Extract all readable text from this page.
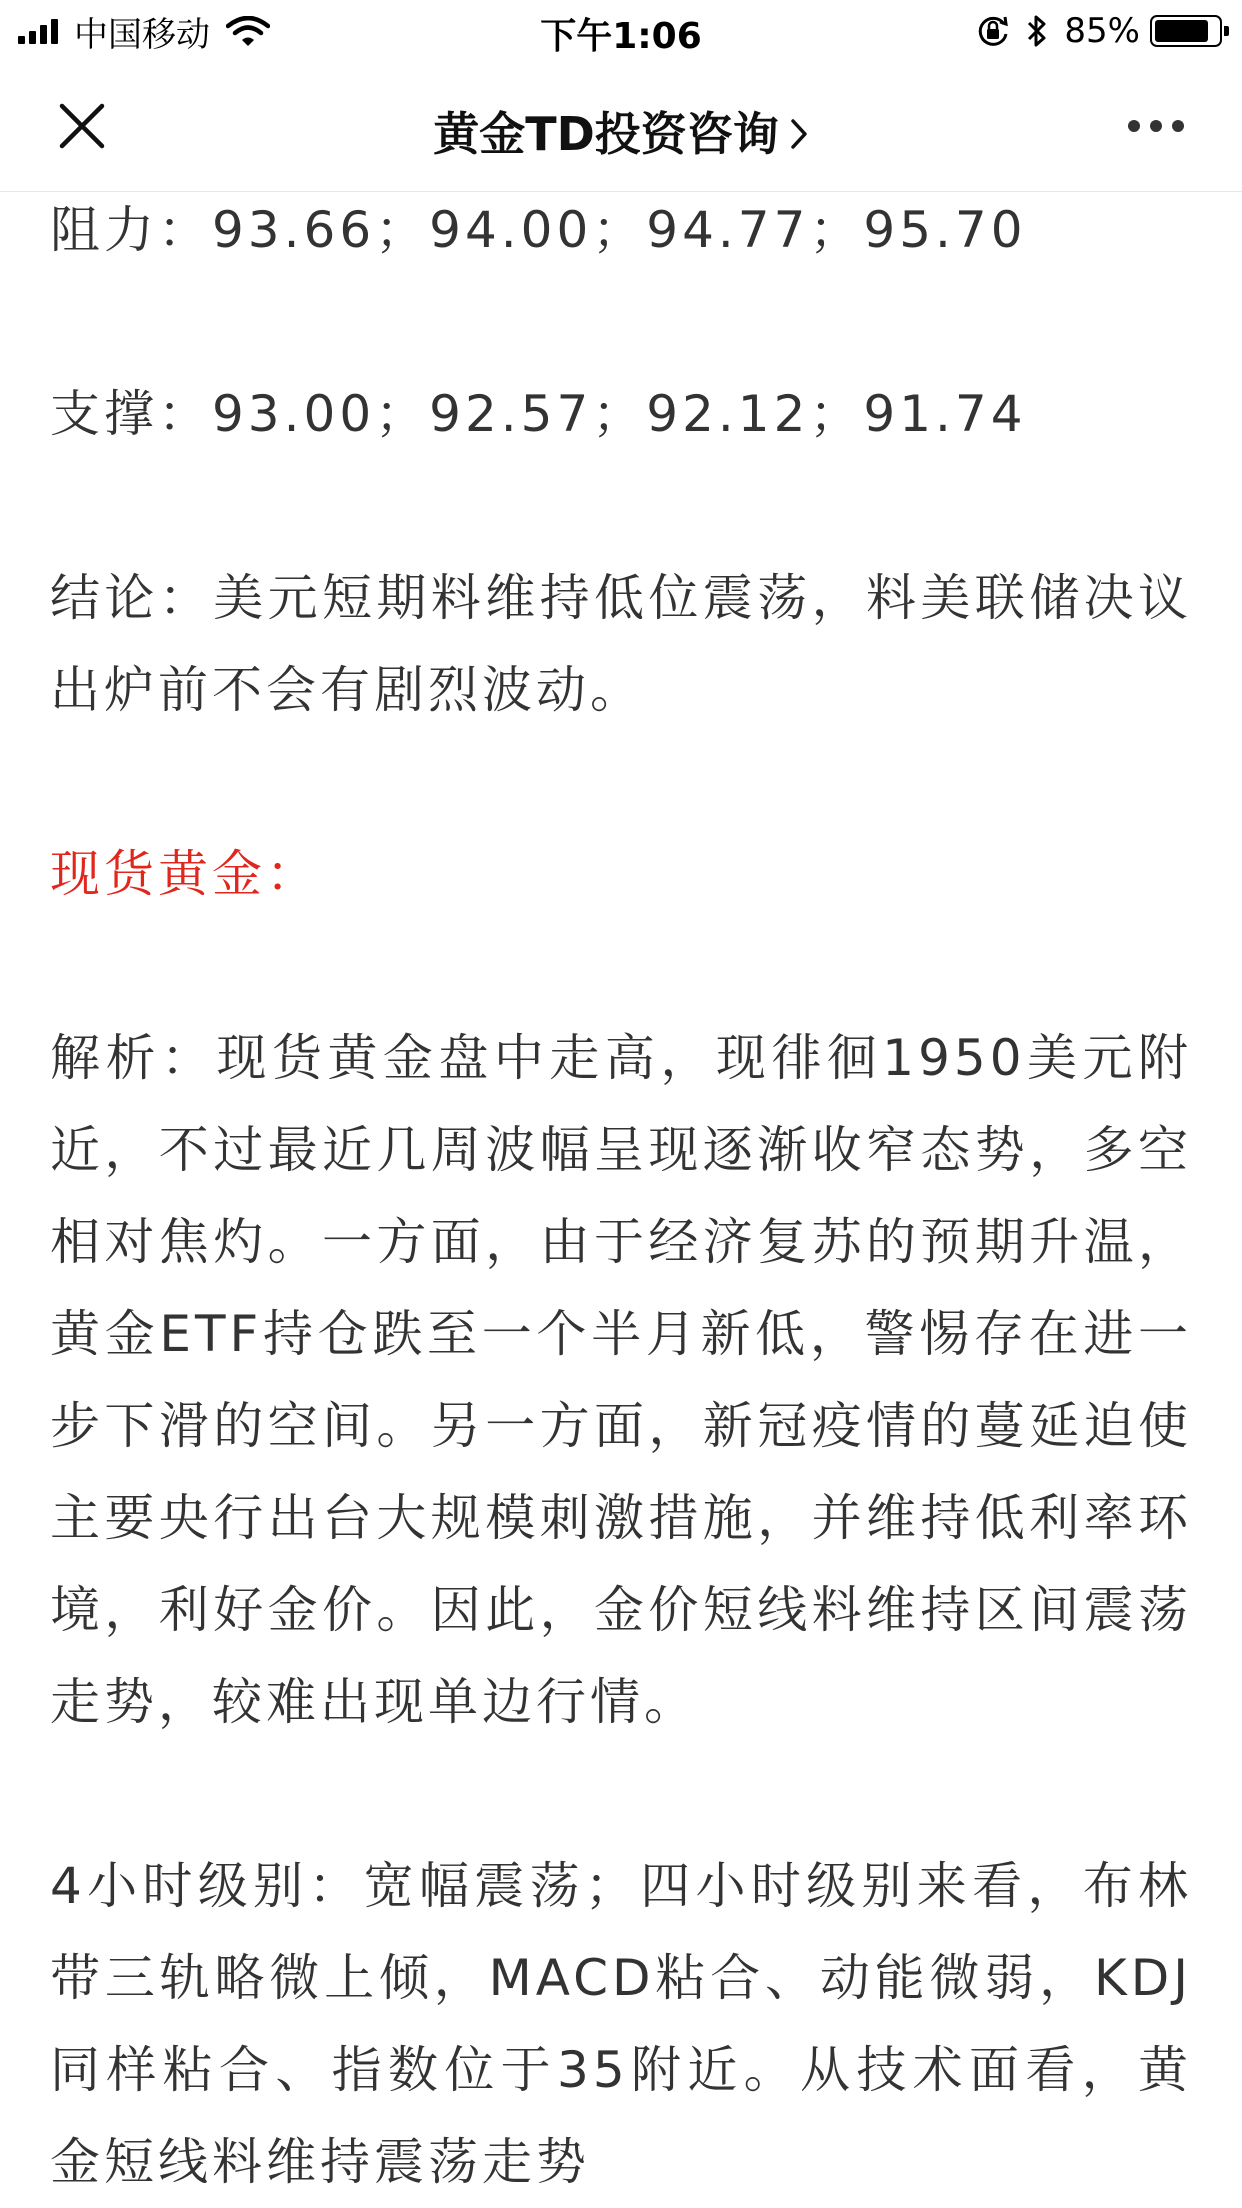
中国移动	下午1:06	85%
黄金TD投资咨询

阻力：93.66；94.00；94.77；95.70

支撑：93.00；92.57；92.12；91.74

结论：美元短期料维持低位震荡，料美联储决议出炉前不会有剧烈波动。

现货黄金：

解析：现货黄金盘中走高，现徘徊1950美元附近，不过最近几周波幅呈现逐渐收窄态势，多空相对焦灼。一方面，由于经济复苏的预期升温，黄金ETF持仓跌至一个半月新低，警惕存在进一步下滑的空间。另一方面，新冠疫情的蔓延迫使主要央行出台大规模刺激措施，并维持低利率环境，利好金价。因此，金价短线料维持区间震荡走势，较难出现单边行情。

4小时级别：宽幅震荡；四小时级别来看，布林带三轨略微上倾，MACD粘合、动能微弱，KDJ同样粘合、指数位于35附近。从技术面看，黄金短线料维持震荡走势
